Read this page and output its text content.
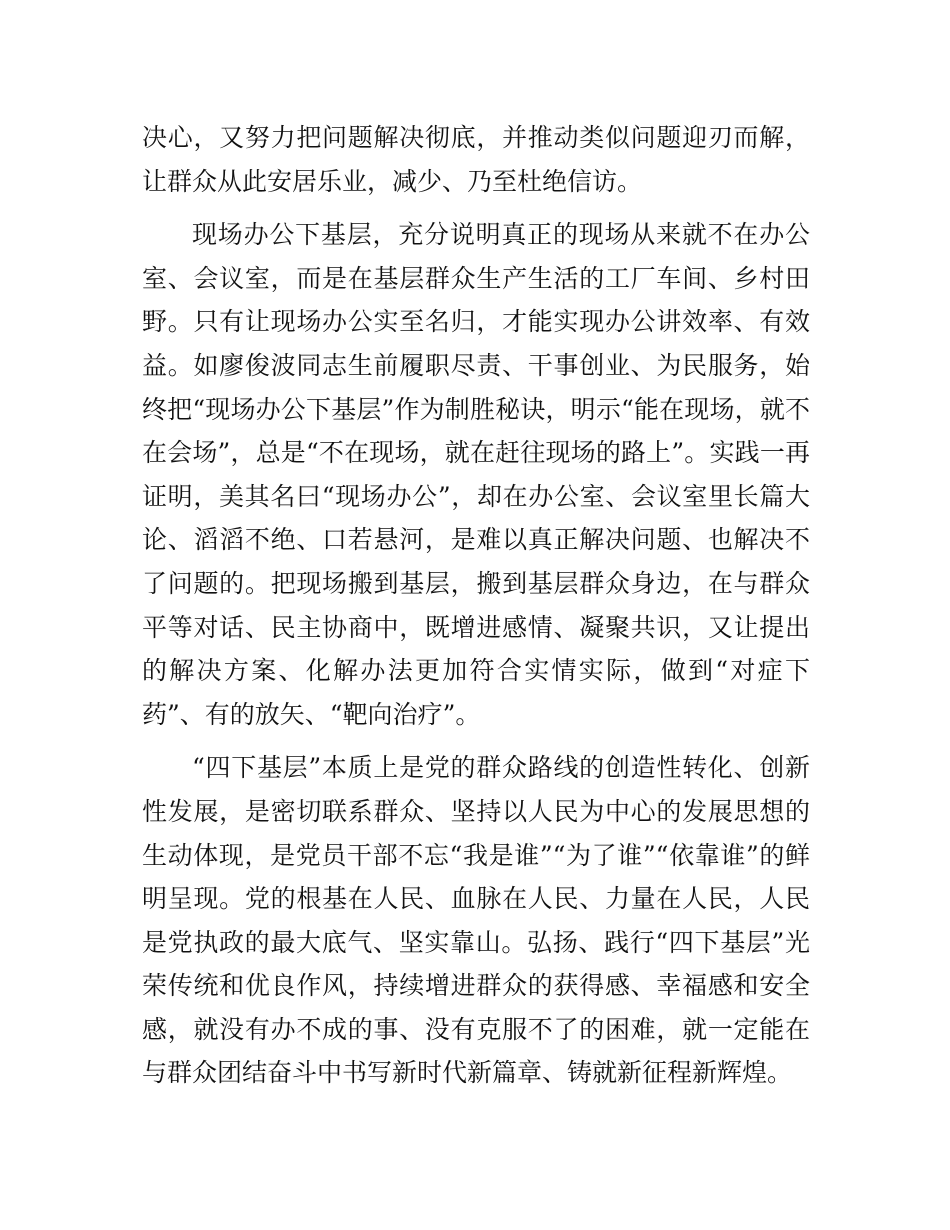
决心，又努力把问题解决彻底，并推动类似问题迎刃而解，让群众从此安居乐业，减少、乃至杜绝信访。

现场办公下基层，充分说明真正的现场从来就不在办公室、会议室，而是在基层群众生产生活的工厂车间、乡村田野。只有让现场办公实至名归，才能实现办公讲效率、有效益。如廖俊波同志生前履职尽责、干事创业、为民服务，始终把“现场办公下基层”作为制胜秘诀，明示“能在现场，就不在会场”，总是“不在现场，就在赶往现场的路上”。实践一再证明，美其名曰“现场办公”，却在办公室、会议室里长篇大论、滔滔不绝、口若悬河，是难以真正解决问题、也解决不了问题的。把现场搬到基层，搬到基层群众身边，在与群众平等对话、民主协商中，既增进感情、凝聚共识，又让提出的解决方案、化解办法更加符合实情实际，做到“对症下药”、有的放矢、“靶向治疗”。

“四下基层”本质上是党的群众路线的创造性转化、创新性发展，是密切联系群众、坚持以人民为中心的发展思想的生动体现，是党员干部不忘“我是谁”“为了谁”“依靠谁”的鲜明呈现。党的根基在人民、血脉在人民、力量在人民，人民是党执政的最大底气、坚实靠山。弘扬、践行“四下基层”光荣传统和优良作风，持续增进群众的获得感、幸福感和安全感，就没有办不成的事、没有克服不了的困难，就一定能在与群众团结奋斗中书写新时代新篇章、铸就新征程新辉煌。
